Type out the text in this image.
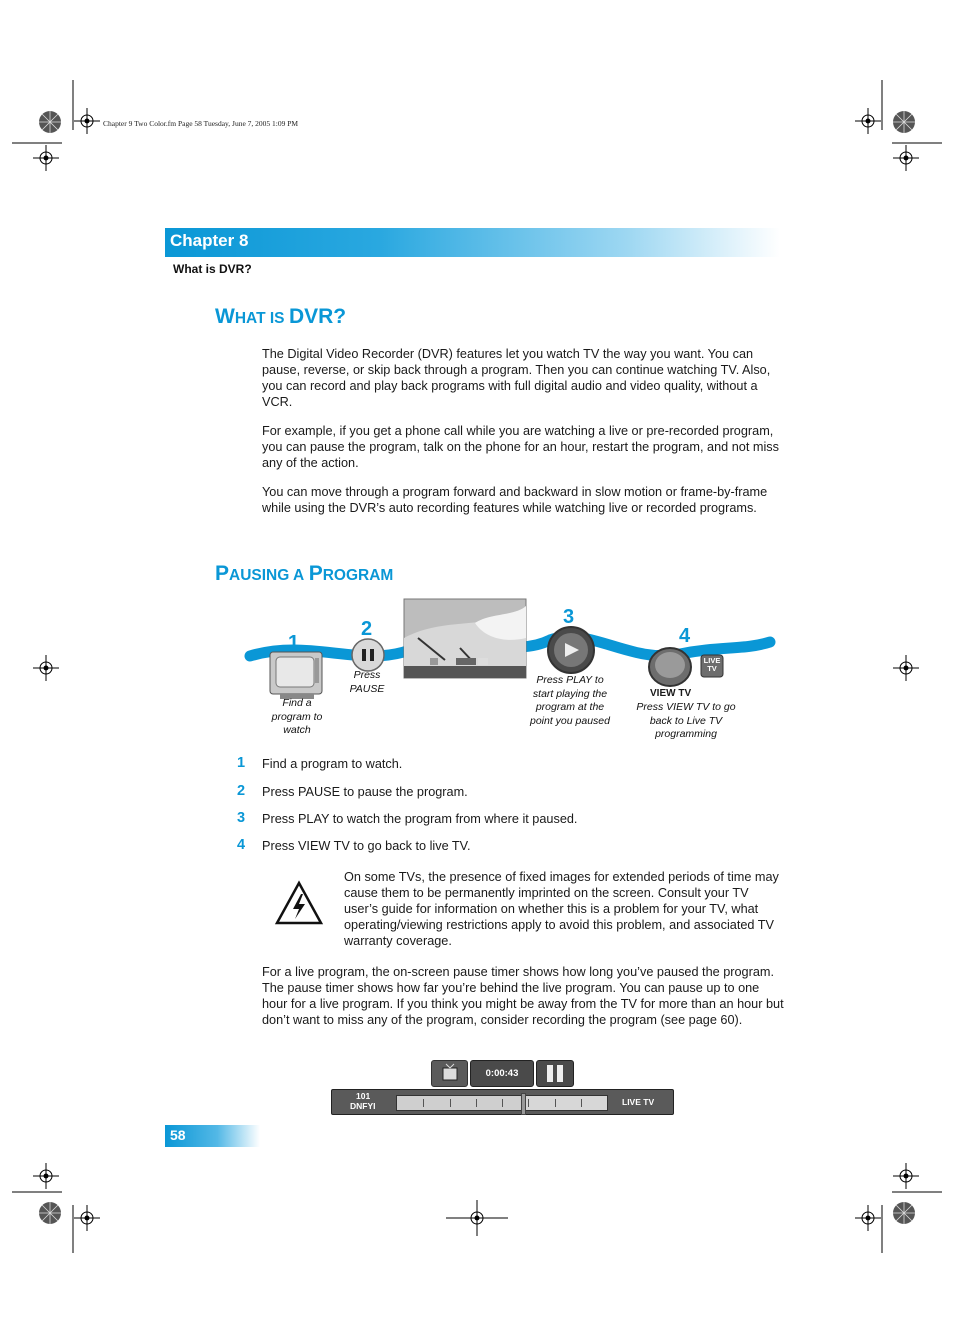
Chapter 9 Two Color.fm Page 58 Tuesday, June 7, 2005 1:09 PM
Chapter 8
What is DVR?
WHAT IS DVR?

The Digital Video Recorder (DVR) features let you watch TV the way you want. You can pause, reverse, or skip back through a program. Then you can continue watching TV. Also, you can record and play back programs with full digital audio and video quality, without a VCR.

For example, if you get a phone call while you are watching a live or pre-recorded program, you can pause the program, talk on the phone for an hour, restart the program, and not miss any of the action.

You can move through a program forward and backward in slow motion or frame-by-frame while using the DVR’s auto recording features while watching live or recorded programs.

PAUSING A PROGRAM
LIVE TV
1
2
3
4
Find a program to watch
Press PAUSE
Press PLAY to start playing the program at the point you paused
VIEW TV
Press VIEW TV to go back to Live TV programming
1 Find a program to watch.
2 Press PAUSE to pause the program.
3 Press PLAY to watch the program from where it paused.
4 Press VIEW TV to go back to live TV.

On some TVs, the presence of fixed images for extended periods of time may cause them to be permanently imprinted on the screen. Consult your TV user’s guide for information on whether this is a problem for your TV, what operating/viewing restrictions apply to avoid this problem, and associated TV warranty coverage.

For a live program, the on-screen pause timer shows how long you’ve paused the program. The pause timer shows how far you’re behind the live program. You can pause up to one hour for a live program. If you think you might be away from the TV for more than an hour but don’t want to miss any of the program, consider recording the program (see page 60).

0:00:43
101
DNFYI	LIVE TV
58
